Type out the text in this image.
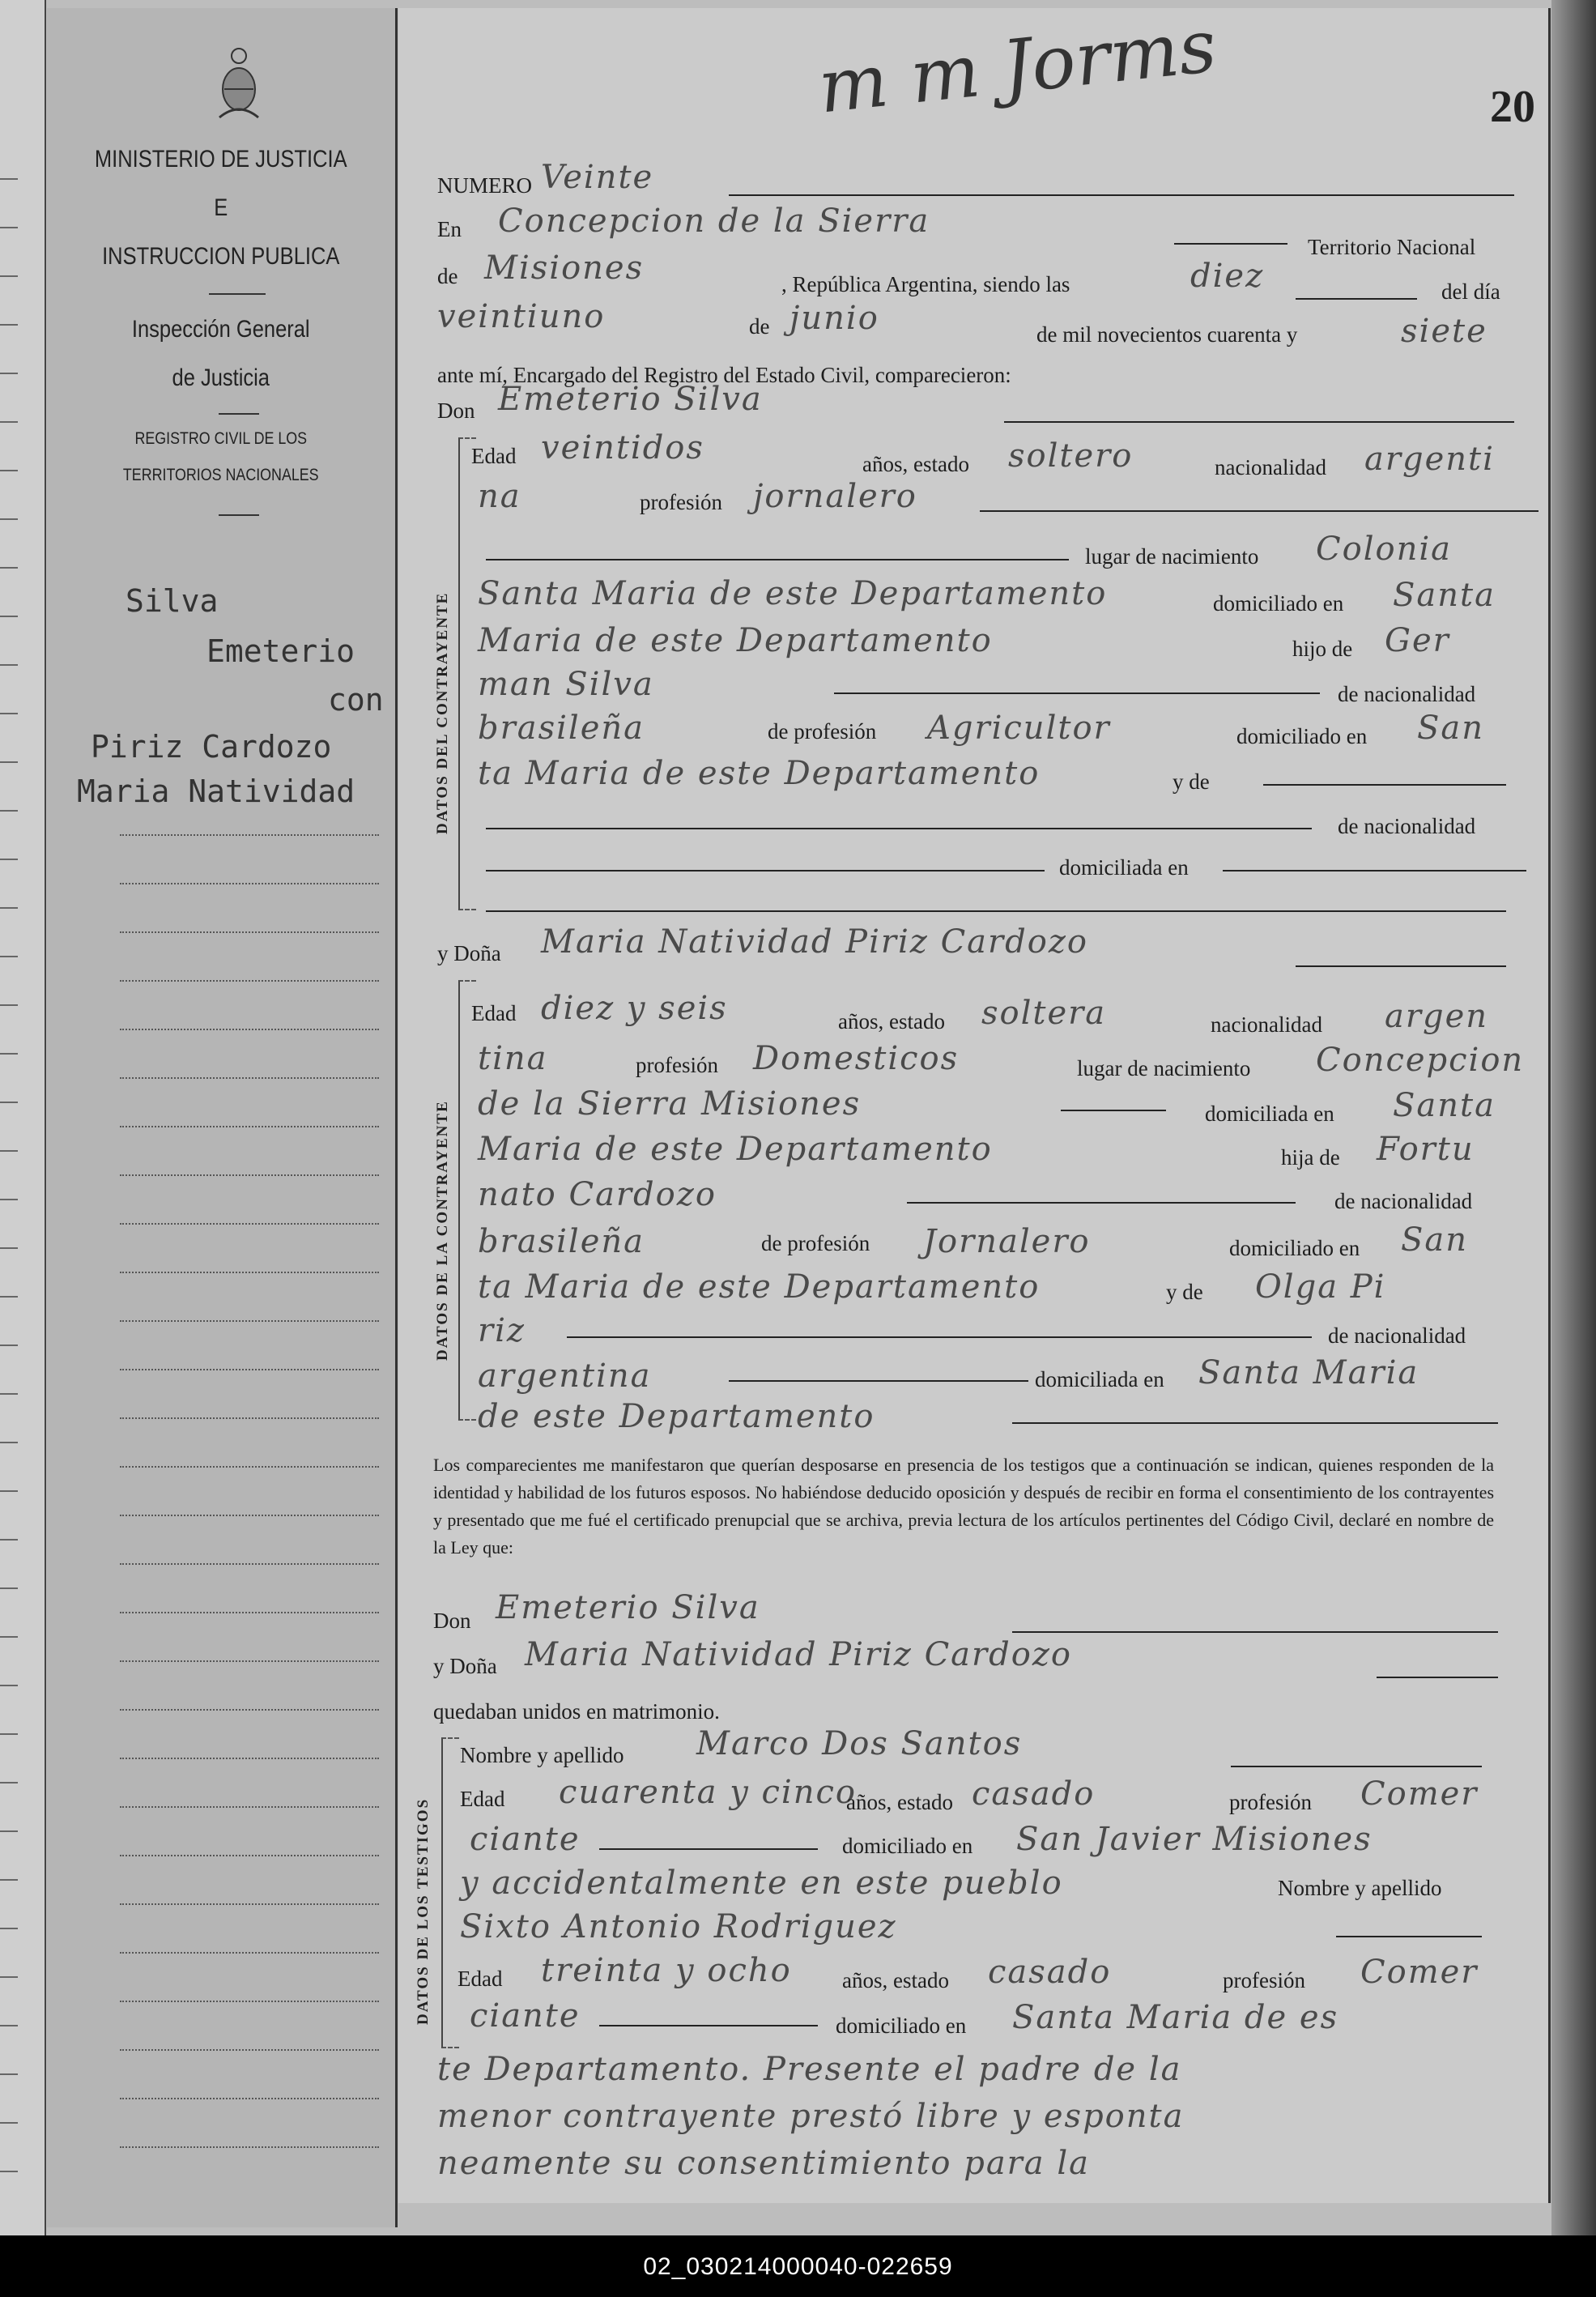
MINISTERIO DE JUSTICIA
E
INSTRUCCION PUBLICA
Inspección General
de Justicia
REGISTRO CIVIL DE LOS
TERRITORIOS NACIONALES
Silva
Emeterio
con
Piriz Cardozo
Maria Natividad
m m Jorms	20
NUMERO Veinte
En Concepcion de la Sierra
Territorio Nacional
de Misiones	, República Argentina, siendo las	diez	del día
veintiuno	de junio	de mil novecientos cuarenta y	siete
ante mí, Encargado del Registro del Estado Civil, comparecieron:
Don Emeterio Silva
DATOS DEL CONTRAYENTE
Edad veintidos	años, estado soltero	nacionalidad argenti
na	profesión jornalero
lugar de nacimiento Colonia
Santa Maria de este Departamento	domiciliado en Santa
Maria de este Departamento	hijo de Ger
man Silva	de nacionalidad
brasileña	de profesión Agricultor	domiciliado en San
ta Maria de este Departamento	y de
de nacionalidad
domiciliada en
y Doña Maria Natividad Piriz Cardozo
DATOS DE LA CONTRAYENTE
Edad diez y seis	años, estado soltera	nacionalidad argen
tina	profesión Domesticos	lugar de nacimiento Concepcion
de la Sierra Misiones	domiciliada en Santa
Maria de este Departamento	hija de Fortu
nato Cardozo	de nacionalidad
brasileña	de profesión Jornalero	domiciliado en San
ta Maria de este Departamento	y de Olga Pi
riz	de nacionalidad
argentina	domiciliada en Santa Maria
de este Departamento
Los comparecientes me manifestaron que querían desposarse en presencia de los testigos que a continuación se indican, quienes responden de la identidad y habilidad de los futuros esposos. No habiéndose deducido oposición y después de recibir en forma el consentimiento de los contrayentes y presentado que me fué el certificado prenupcial que se archiva, previa lectura de los artículos pertinentes del Código Civil, declaré en nombre de la Ley que:
Don Emeterio Silva
y Doña Maria Natividad Piriz Cardozo
quedaban unidos en matrimonio.
DATOS DE LOS TESTIGOS
Nombre y apellido Marco Dos Santos
Edad cuarenta y cinco
años, estado casado	profesión Comer
ciante	domiciliado en San Javier Misiones
y accidentalmente en este pueblo	Nombre y apellido
Sixto Antonio Rodriguez
Edad treinta y ocho años, estado casado	profesión Comer
ciante	domiciliado en Santa Maria de es
te Departamento. Presente el padre de la
menor contrayente prestó libre y esponta
neamente su consentimiento para la
02_030214000040-022659
